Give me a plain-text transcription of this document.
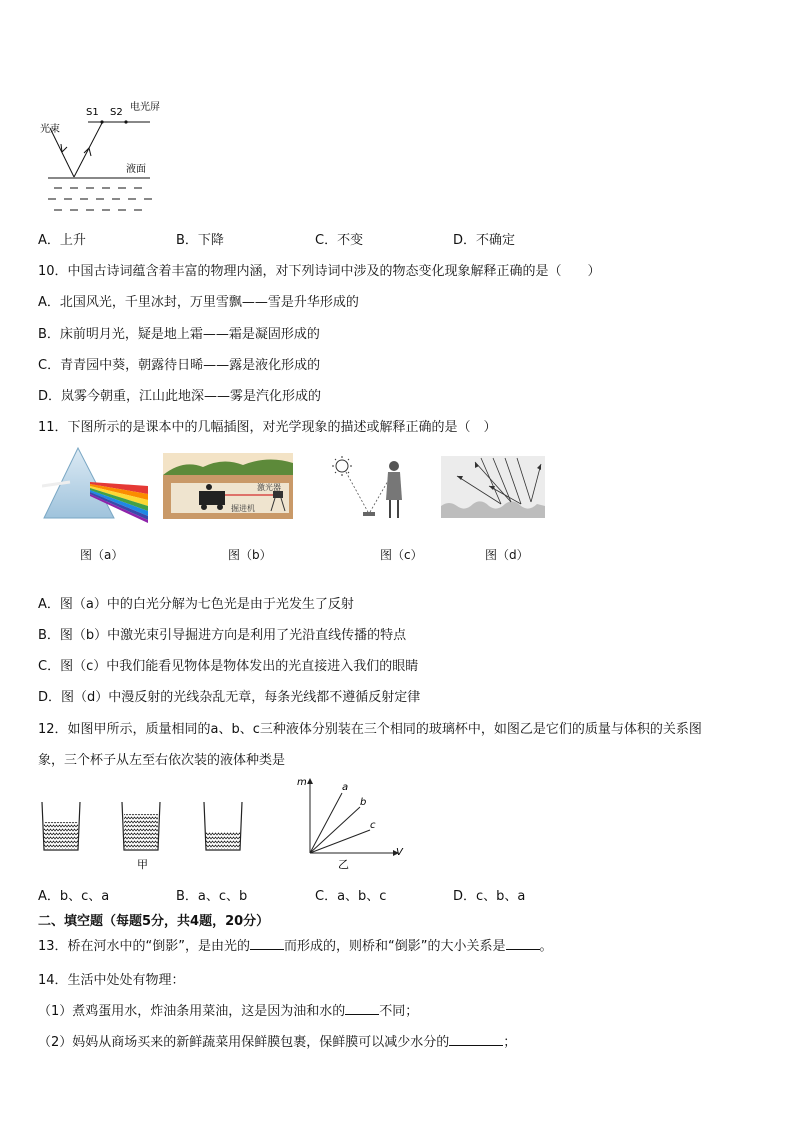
S1 S2 电光屏
光束
液面
A．上升	B．下降	C．不变	D．不确定
10．中国古诗词蕴含着丰富的物理内涵，对下列诗词中涉及的物态变化现象解释正确的是（　　）
A．北国风光，千里冰封，万里雪飘——雪是升华形成的
B．床前明月光，疑是地上霜——霜是凝固形成的
C．青青园中葵，朝露待日晞——露是液化形成的
D．岚雾今朝重，江山此地深——雾是汽化形成的
11．下图所示的是课本中的几幅插图，对光学现象的描述或解释正确的是（　）
激光器
掘进机
图（a）	图（b）	图（c）	图（d）
A．图（a）中的白光分解为七色光是由于光发生了反射
B．图（b）中激光束引导掘进方向是利用了光沿直线传播的特点
C．图（c）中我们能看见物体是物体发出的光直接进入我们的眼睛
D．图（d）中漫反射的光线杂乱无章，每条光线都不遵循反射定律
12．如图甲所示，质量相同的a、b、c三种液体分别装在三个相同的玻璃杯中，如图乙是它们的质量与体积的关系图
象，三个杯子从左至右依次装的液体种类是
甲
m
V
a
b
c
乙
A．b、c、a	B．a、c、b	C．a、b、c	D．c、b、a
二、填空题（每题5分，共4题，20分）
13．桥在河水中的“倒影”，是由光的	而形成的，则桥和“倒影”的大小关系是	。
14．生活中处处有物理：
（1）煮鸡蛋用水，炸油条用菜油，这是因为油和水的	不同；
（2）妈妈从商场买来的新鲜蔬菜用保鲜膜包裹，保鲜膜可以减少水分的	；
